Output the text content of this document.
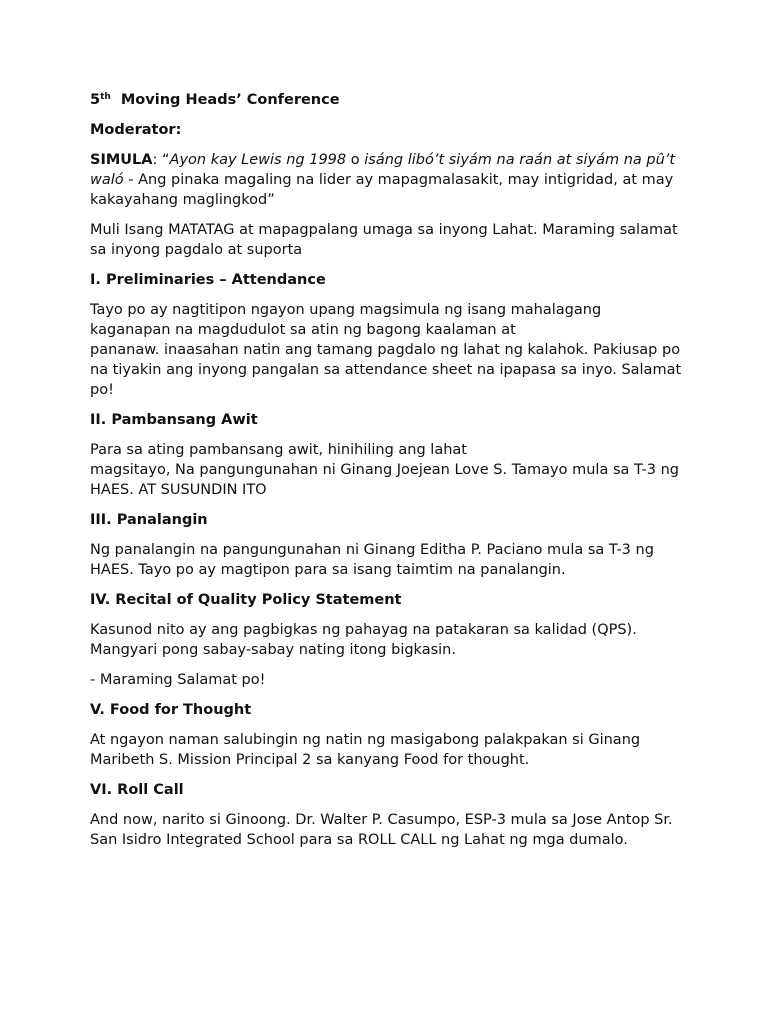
5th Moving Heads’ Conference

Moderator:

SIMULA: “Ayon kay Lewis ng 1998 o isáng libó’t siyám na raán at siyám na pû’t waló - Ang pinaka magaling na lider ay mapagmalasakit, may intigridad, at may kakayahang maglingkod”

Muli Isang MATATAG at mapagpalang umaga sa inyong Lahat. Maraming salamat sa inyong pagdalo at suporta

I. Preliminaries – Attendance

Tayo po ay nagtitipon ngayon upang magsimula ng isang mahalagang kaganapan na magdudulot sa atin ng bagong kaalaman at
pananaw. inaasahan natin ang tamang pagdalo ng lahat ng kalahok. Pakiusap po na tiyakin ang inyong pangalan sa attendance sheet na ipapasa sa inyo. Salamat po!

II. Pambansang Awit

Para sa ating pambansang awit, hinihiling ang lahat
magsitayo, Na pangungunahan ni Ginang Joejean Love S. Tamayo mula sa T-3 ng HAES. AT SUSUNDIN ITO

III. Panalangin

Ng panalangin na pangungunahan ni Ginang Editha P. Paciano mula sa T-3 ng HAES. Tayo po ay magtipon para sa isang taimtim na panalangin.

IV. Recital of Quality Policy Statement

Kasunod nito ay ang pagbigkas ng pahayag na patakaran sa kalidad (QPS). Mangyari pong sabay-sabay nating itong bigkasin.

- Maraming Salamat po!

V. Food for Thought

At ngayon naman salubingin ng natin ng masigabong palakpakan si Ginang Maribeth S. Mission Principal 2 sa kanyang Food for thought.

VI. Roll Call

And now, narito si Ginoong. Dr. Walter P. Casumpo, ESP-3 mula sa Jose Antop Sr. San Isidro Integrated School para sa ROLL CALL ng Lahat ng mga dumalo.
